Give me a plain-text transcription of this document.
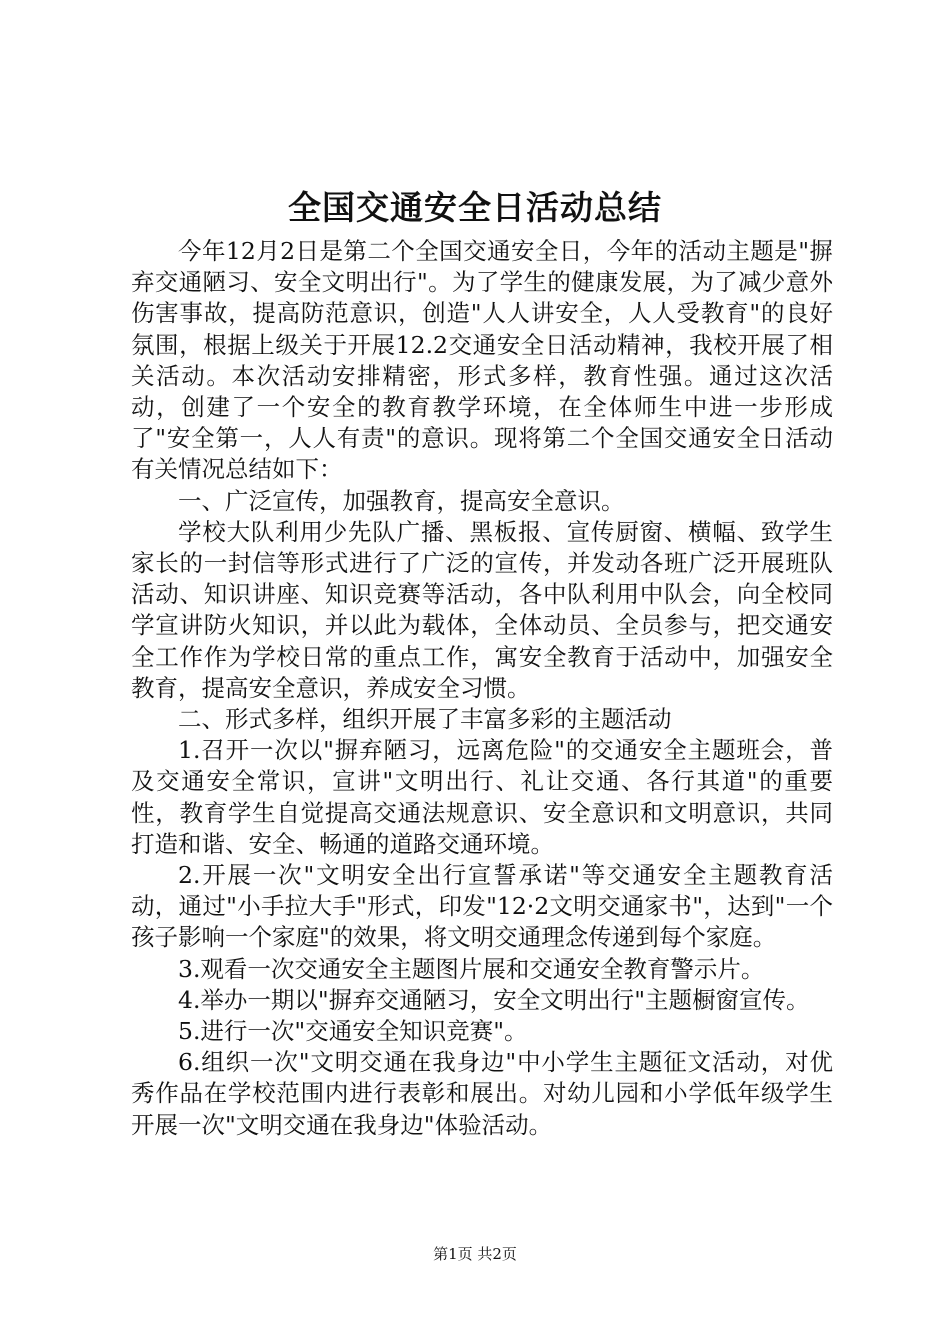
全国交通安全日活动总结

今年12月2日是第二个全国交通安全日，今年的活动主题是"摒弃交通陋习、安全文明出行"。为了学生的健康发展，为了减少意外伤害事故，提高防范意识，创造"人人讲安全，人人受教育"的良好氛围，根据上级关于开展12.2交通安全日活动精神，我校开展了相关活动。本次活动安排精密，形式多样，教育性强。通过这次活动，创建了一个安全的教育教学环境，在全体师生中进一步形成了"安全第一，人人有责"的意识。现将第二个全国交通安全日活动有关情况总结如下：

一、广泛宣传，加强教育，提高安全意识。

学校大队利用少先队广播、黑板报、宣传厨窗、横幅、致学生家长的一封信等形式进行了广泛的宣传，并发动各班广泛开展班队活动、知识讲座、知识竞赛等活动，各中队利用中队会，向全校同学宣讲防火知识，并以此为载体，全体动员、全员参与，把交通安全工作作为学校日常的重点工作，寓安全教育于活动中，加强安全教育，提高安全意识，养成安全习惯。

二、形式多样，组织开展了丰富多彩的主题活动

1.召开一次以"摒弃陋习，远离危险"的交通安全主题班会，普及交通安全常识，宣讲"文明出行、礼让交通、各行其道"的重要性，教育学生自觉提高交通法规意识、安全意识和文明意识，共同打造和谐、安全、畅通的道路交通环境。

2.开展一次"文明安全出行宣誓承诺"等交通安全主题教育活动，通过"小手拉大手"形式，印发"12·2文明交通家书"，达到"一个孩子影响一个家庭"的效果，将文明交通理念传递到每个家庭。

3.观看一次交通安全主题图片展和交通安全教育警示片。

4.举办一期以"摒弃交通陋习，安全文明出行"主题橱窗宣传。

5.进行一次"交通安全知识竞赛"。

6.组织一次"文明交通在我身边"中小学生主题征文活动，对优秀作品在学校范围内进行表彰和展出。对幼儿园和小学低年级学生开展一次"文明交通在我身边"体验活动。

第1页 共2页
